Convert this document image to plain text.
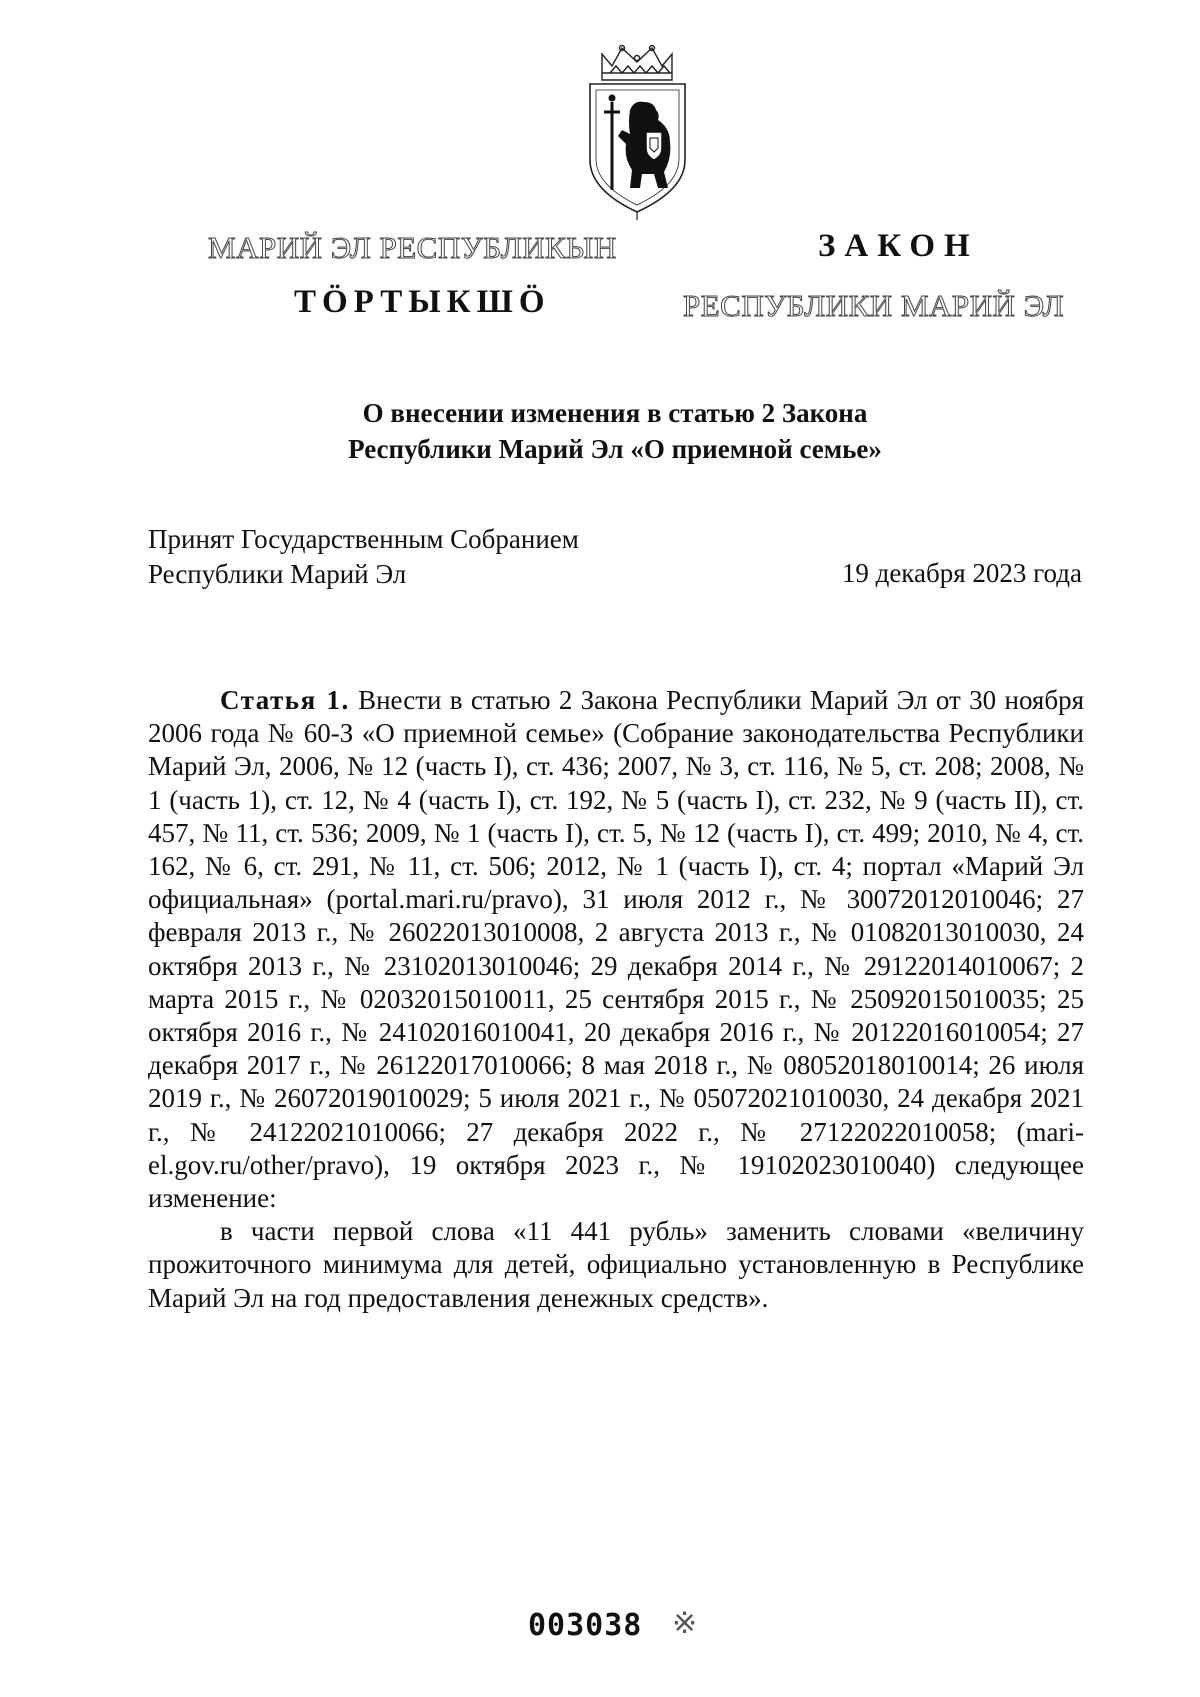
МАРИЙ ЭЛ РЕСПУБЛИКЫН	ЗАКОН
ТӦРТЫКШӦ	РЕСПУБЛИКИ МАРИЙ ЭЛ
О внесении изменения в статью 2 Закона
Республики Марий Эл «О приемной семье»
Принят Государственным Собранием
Республики Марий Эл	19 декабря 2023 года

Статья 1. Внести в статью 2 Закона Республики Марий Эл от 30 ноября 2006 года № 60-З «О приемной семье» (Собрание законодательства Республики Марий Эл, 2006, № 12 (часть I), ст. 436; 2007, № 3, ст. 116, № 5, ст. 208; 2008, № 1 (часть 1), ст. 12, № 4 (часть I), ст. 192, № 5 (часть I), ст. 232, № 9 (часть II), ст. 457, № 11, ст. 536; 2009, № 1 (часть I), ст. 5, № 12 (часть I), ст. 499; 2010, № 4, ст. 162, № 6, ст. 291, № 11, ст. 506; 2012, № 1 (часть I), ст. 4; портал «Марий Эл официальная» (portal.mari.ru/pravo), 31 июля 2012 г., № 30072012010046; 27 февраля 2013 г., № 26022013010008, 2 августа 2013 г., № 01082013010030, 24 октября 2013 г., № 23102013010046; 29 декабря 2014 г., № 29122014010067; 2 марта 2015 г., № 02032015010011, 25 сентября 2015 г., № 25092015010035; 25 октября 2016 г., № 24102016010041, 20 декабря 2016 г., № 20122016010054; 27 декабря 2017 г., № 26122017010066; 8 мая 2018 г., № 08052018010014; 26 июля 2019 г., № 26072019010029; 5 июля 2021 г., № 05072021010030, 24 декабря 2021 г., № 24122021010066; 27 декабря 2022 г., № 27122022010058; (mari-el.gov.ru/other/pravo), 19 октября 2023 г., № 19102023010040) следующее изменение:

в части первой слова «11 441 рубль» заменить словами «величину прожиточного минимума для детей, официально установленную в Республике Марий Эл на год предоставления денежных средств».

003038 ※
